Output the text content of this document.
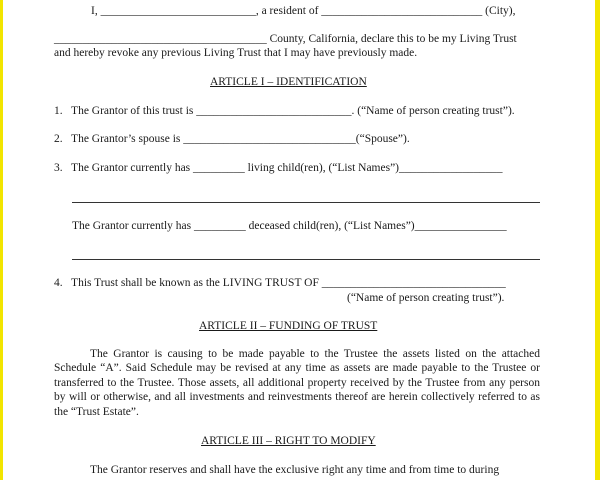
I, ___________________________, a resident of ____________________________ (City),
_____________________________________ County, California, declare this to be my Living Trust
and hereby revoke any previous Living Trust that I may have previously made.
ARTICLE I – IDENTIFICATION
1.   The Grantor of this trust is ___________________________. (“Name of person creating trust”).
2.   The Grantor’s spouse is ______________________________(“Spouse”).
3.   The Grantor currently has _________ living child(ren), (“List Names”)__________________
The Grantor currently has _________ deceased child(ren), (“List Names”)________________
4.   This Trust shall be known as the LIVING TRUST OF ________________________________
(“Name of person creating trust”).
ARTICLE II – FUNDING OF TRUST
The Grantor is causing to be made payable to the Trustee the assets listed on the attached Schedule “A”. Said Schedule may be revised at any time as assets are made payable to the Trustee or transferred to the Trustee. Those assets, all additional property received by the Trustee from any person by will or otherwise, and all investments and reinvestments thereof are herein collectively referred to as the “Trust Estate”.
ARTICLE III – RIGHT TO MODIFY
The Grantor reserves and shall have the exclusive right any time and from time to during
